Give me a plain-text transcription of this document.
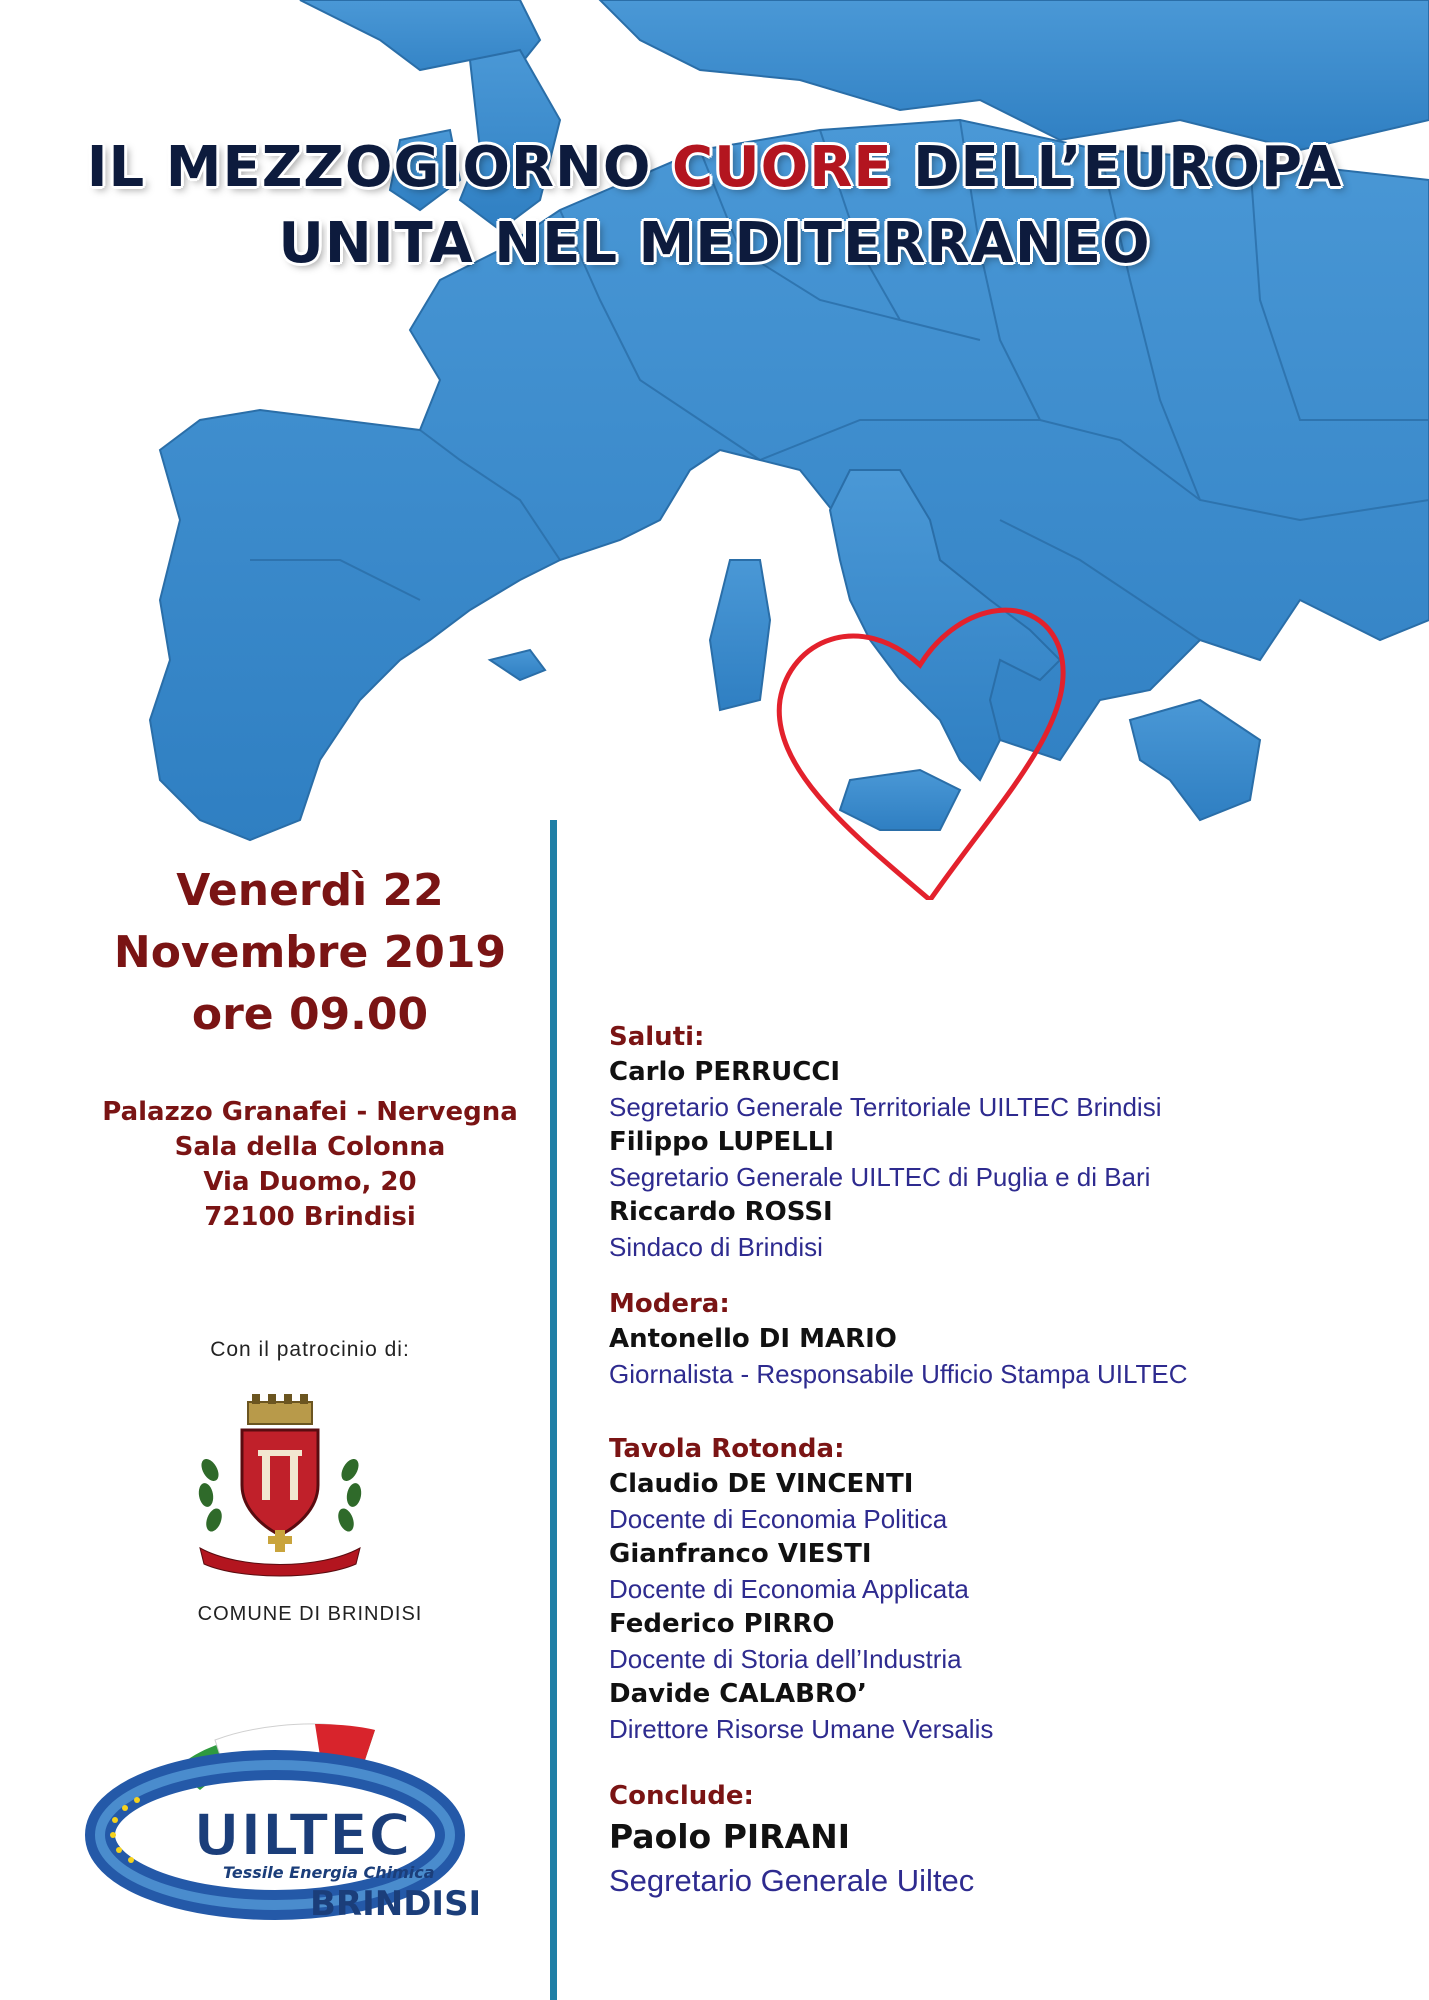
IL MEZZOGIORNO CUORE DELL’EUROPA
UNITA NEL MEDITERRANEO
Venerdì 22
Novembre 2019
ore 09.00
Palazzo Granafei - Nervegna
Sala della Colonna
Via Duomo, 20
72100 Brindisi
Con il patrocinio di:
COMUNE DI BRINDISI
UILTEC
Tessile Energia Chimica
BRINDISI
Saluti:
Carlo PERRUCCI
Segretario Generale Territoriale UILTEC Brindisi
Filippo LUPELLI
Segretario Generale UILTEC di Puglia e di Bari
Riccardo ROSSI
Sindaco di Brindisi
Modera:
Antonello DI MARIO
Giornalista - Responsabile Ufficio Stampa UILTEC
Tavola Rotonda:
Claudio DE VINCENTI
Docente di Economia Politica
Gianfranco VIESTI
Docente di Economia Applicata
Federico PIRRO
Docente di Storia dell’Industria
Davide CALABRO’
Direttore Risorse Umane Versalis
Conclude:
Paolo PIRANI
Segretario Generale Uiltec
